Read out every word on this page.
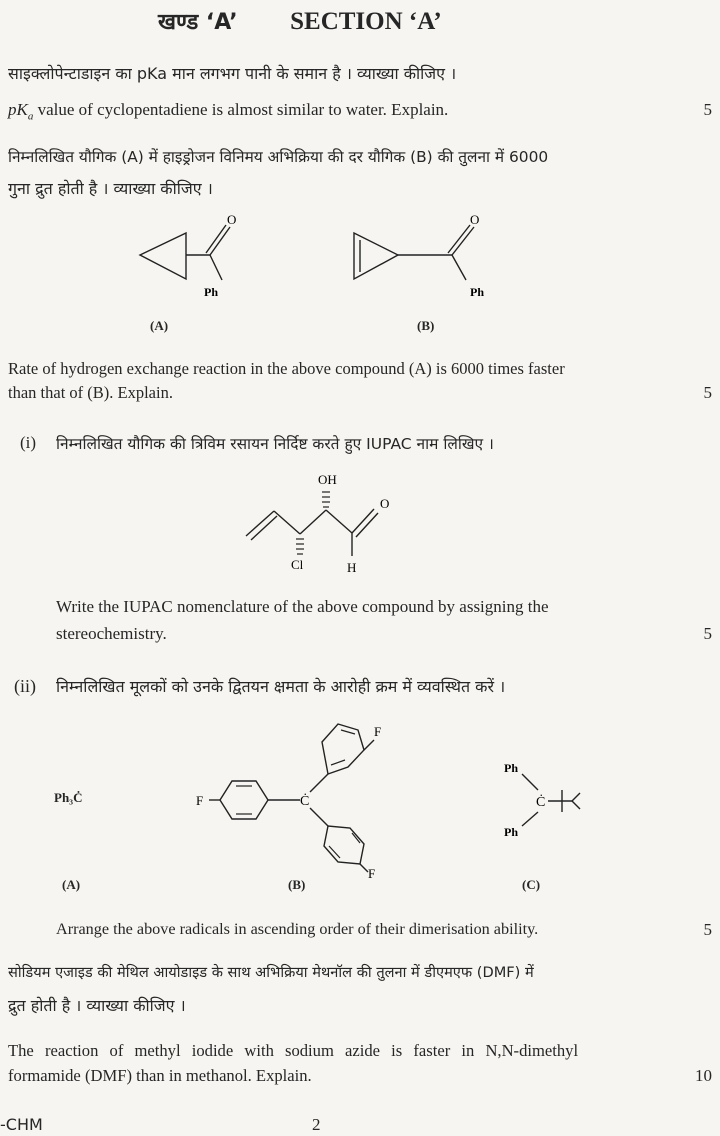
खण्ड ‘A’ SECTION ‘A’
साइक्लोपेन्टाडाइन का pKa मान लगभग पानी के समान है । व्याख्या कीजिए ।
$pK_a$ value of cyclopentadiene is almost similar to water. Explain.	5
निम्नलिखित यौगिक (A) में हाइड्रोजन विनिमय अभिक्रिया की दर यौगिक (B) की तुलना में 6000
गुना द्रुत होती है । व्याख्या कीजिए ।
O
Ph
(A)
O
Ph
(B)
Rate of hydrogen exchange reaction in the above compound (A) is 6000 times faster
than that of (B). Explain.	5
(i) निम्नलिखित यौगिक की त्रिविम रसायन निर्दिष्ट करते हुए IUPAC नाम लिखिए ।
OH
O
Cl	H
Write the IUPAC nomenclature of the above compound by assigning the
stereochemistry.	5
(ii) निम्नलिखित मूलकों को उनके द्वितयन क्षमता के आरोही क्रम में व्यवस्थित करें ।
Ph₃Ċ	F
F
F
Ċ
Ph
Ph
Ċ
(A)	(B)	(C)
Arrange the above radicals in ascending order of their dimerisation ability.	5
सोडियम एजाइड की मेथिल आयोडाइड के साथ अभिक्रिया मेथनॉल की तुलना में डीएमएफ (DMF) में
द्रुत होती है । व्याख्या कीजिए ।
The reaction of methyl iodide with sodium azide is faster in N,N-dimethyl
formamide (DMF) than in methanol. Explain.	10
-CHM	2
